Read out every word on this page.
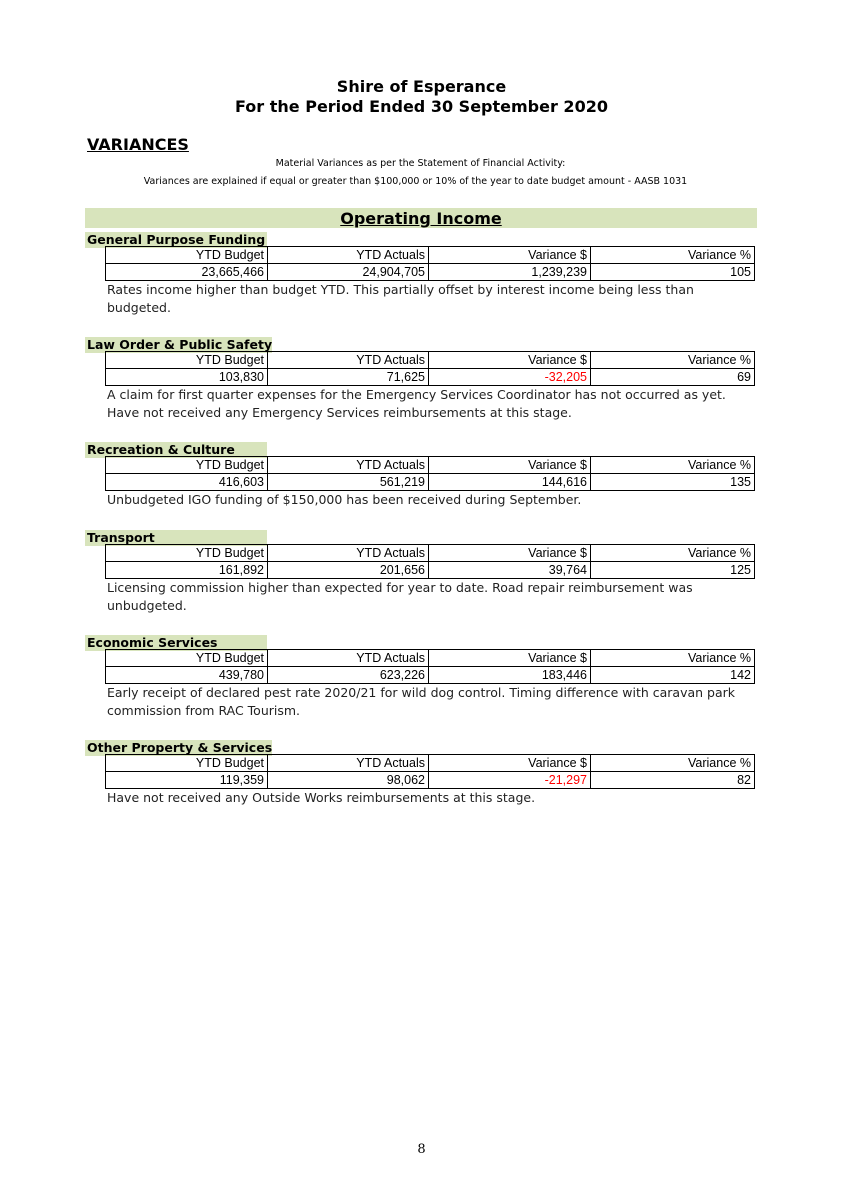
Shire of Esperance
For the Period Ended 30 September 2020
VARIANCES
Material Variances as per the Statement of Financial Activity:
Variances are explained if equal or greater than $100,000 or 10% of the year to date budget amount - AASB 1031
Operating Income
General Purpose Funding
YTD Budget	YTD Actuals	Variance $	Variance %
23,665,466	24,904,705	1,239,239	105
Rates income higher than budget YTD. This partially offset by interest income being less than budgeted.
Law Order & Public Safety
YTD Budget	YTD Actuals	Variance $	Variance %
103,830	71,625	-32,205	69
A claim for first quarter expenses for the Emergency Services Coordinator has not occurred as yet. Have not received any Emergency Services reimbursements at this stage.
Recreation & Culture
YTD Budget	YTD Actuals	Variance $	Variance %
416,603	561,219	144,616	135
Unbudgeted IGO funding of $150,000 has been received during September.
Transport
YTD Budget	YTD Actuals	Variance $	Variance %
161,892	201,656	39,764	125
Licensing commission higher than expected for year to date. Road repair reimbursement was unbudgeted.
Economic Services
YTD Budget	YTD Actuals	Variance $	Variance %
439,780	623,226	183,446	142
Early receipt of declared pest rate 2020/21 for wild dog control. Timing difference with caravan park commission from RAC Tourism.
Other Property & Services
YTD Budget	YTD Actuals	Variance $	Variance %
119,359	98,062	-21,297	82
Have not received any Outside Works reimbursements at this stage.
8
